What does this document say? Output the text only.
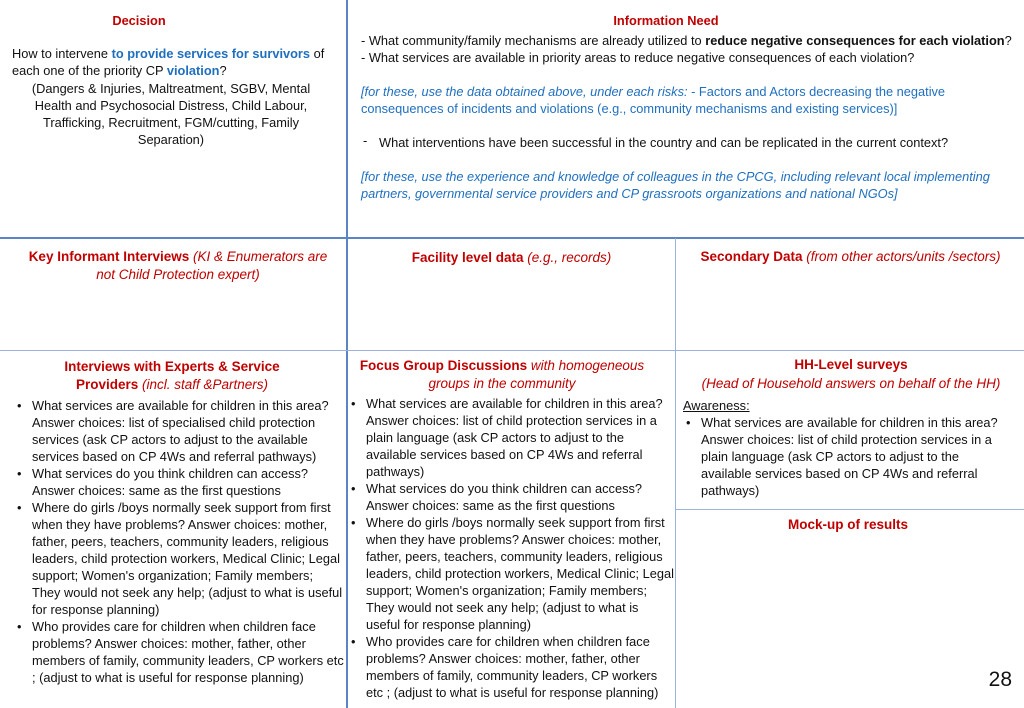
Decision
How to intervene to provide services for survivors of each one of the priority CP violation?
(Dangers & Injuries, Maltreatment, SGBV, Mental Health and Psychosocial Distress, Child Labour, Trafficking, Recruitment, FGM/cutting, Family Separation)
Information Need
- What community/family mechanisms are already utilized to reduce negative consequences for each violation?
- What services are available in priority areas to reduce negative consequences of each violation?
[for these, use the data obtained above, under each risks: - Factors and Actors decreasing the negative consequences of incidents and violations (e.g., community mechanisms and existing services)]
- What interventions have been successful in the country and can be replicated in the current context?
[for these, use the experience and knowledge of colleagues in the CPCG, including relevant local implementing partners, governmental service providers and CP grassroots organizations and national NGOs]
Key Informant Interviews (KI & Enumerators are not Child Protection expert)
Facility level data (e.g., records)	Secondary Data (from other actors/units /sectors)
Interviews with Experts & Service Providers (incl. staff &Partners)
• What services are available for children in this area? Answer choices: list of specialised child protection services (ask CP actors to adjust to the available services based on CP 4Ws and referral pathways)
• What services do you think children can access? Answer choices: same as the first questions
• Where do girls /boys normally seek support from first when they have problems? Answer choices: mother, father, peers, teachers, community leaders, religious leaders, child protection workers, Medical Clinic; Legal support; Women's organization; Family members; They would not seek any help; (adjust to what is useful for response planning)
• Who provides care for children when children face problems? Answer choices: mother, father, other members of family, community leaders, CP workers etc ; (adjust to what is useful for response planning)
Focus Group Discussions with homogeneous groups in the community
• What services are available for children in this area? Answer choices: list of child protection services in a plain language (ask CP actors to adjust to the available services based on CP 4Ws and referral pathways)
• What services do you think children can access? Answer choices: same as the first questions
• Where do girls /boys normally seek support from first when they have problems? Answer choices: mother, father, peers, teachers, community leaders, religious leaders, child protection workers, Medical Clinic; Legal support; Women's organization; Family members; They would not seek any help; (adjust to what is useful for response planning)
• Who provides care for children when children face problems? Answer choices: mother, father, other members of family, community leaders, CP workers etc ; (adjust to what is useful for response planning)
HH-Level surveys
(Head of Household answers on behalf of the HH)
Awareness:
• What services are available for children in this area? Answer choices: list of child protection services in a plain language (ask CP actors to adjust to the available services based on CP 4Ws and referral pathways)
Mock-up of results
28
